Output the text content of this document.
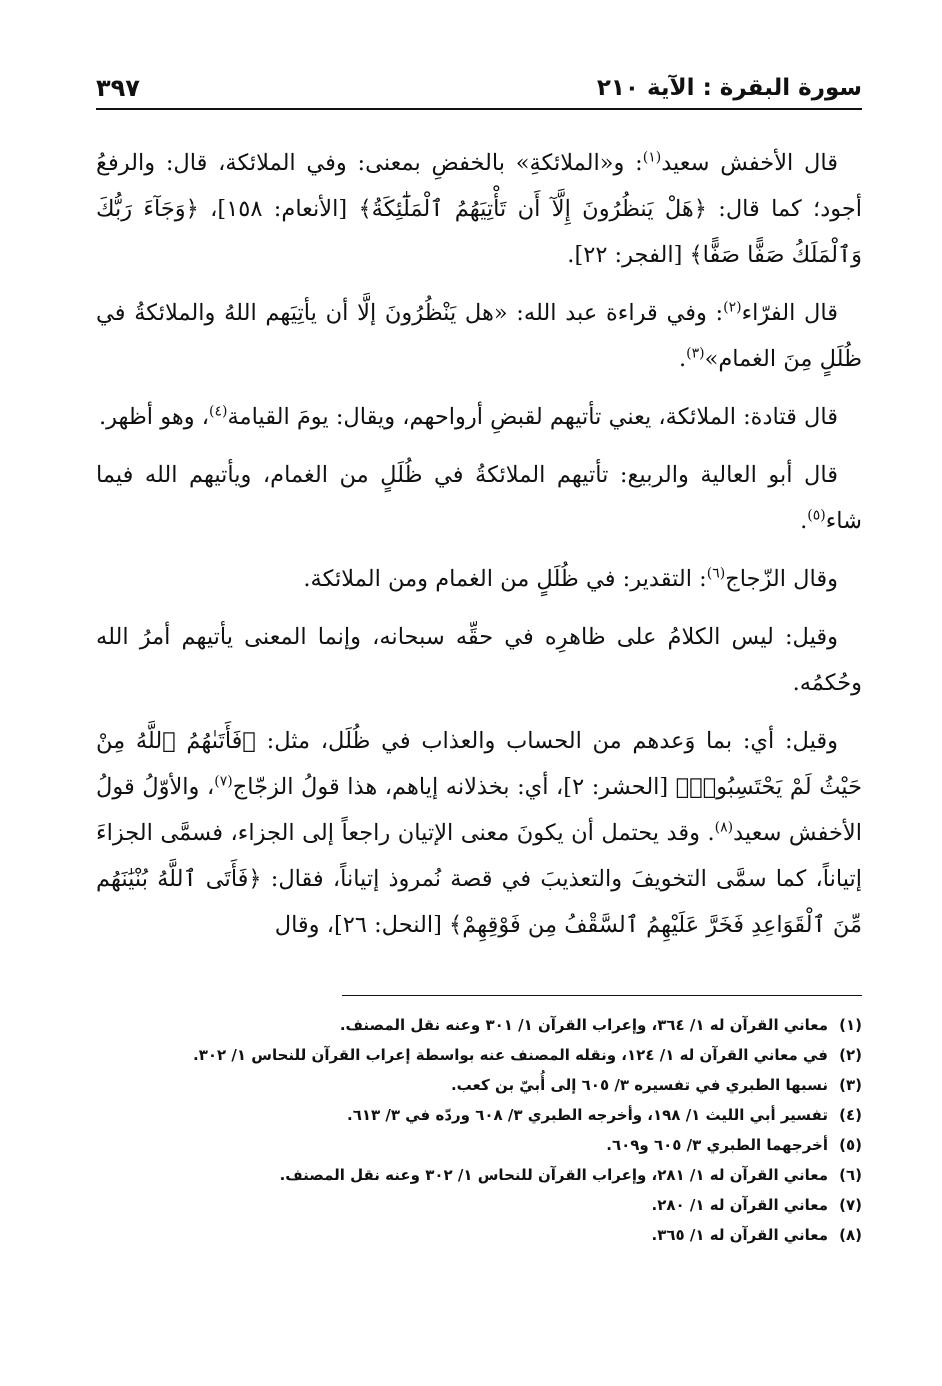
سورة البقرة : الآية ٢١٠
٣٩٧

قال الأخفش سعيد$^{(١)}$: و«الملائكةِ» بالخفضِ بمعنى: وفي الملائكة، قال: والرفعُ أجود؛ كما قال: ﴿هَلْ يَنظُرُونَ إِلَّآ أَن تَأْتِيَهُمُ ٱلْمَلَٰٓئِكَةُ﴾ [الأنعام: ١٥٨]، ﴿وَجَآءَ رَبُّكَ وَٱلْمَلَكُ صَفًّا صَفًّا﴾ [الفجر: ٢٢].

قال الفرّاء$^{(٢)}$: وفي قراءة عبد الله: «هل يَنْظُرُونَ إلَّا أن يأتِيَهم اللهُ والملائكةُ في ظُلَلٍ مِنَ الغمام»$^{(٣)}$.

قال قتادة: الملائكة، يعني تأتيهم لقبضِ أرواحهم، ويقال: يومَ القيامة$^{(٤)}$، وهو أظهر.

قال أبو العالية والربيع: تأتيهم الملائكةُ في ظُلَلٍ من الغمام، ويأتيهم الله فيما شاء$^{(٥)}$.

وقال الزّجاج$^{(٦)}$: التقدير: في ظُلَلٍ من الغمام ومن الملائكة.

وقيل: ليس الكلامُ على ظاهرِه في حقِّه سبحانه، وإنما المعنى يأتيهم أمرُ الله وحُكمُه.

وقيل: أي: بما وَعدهم من الحساب والعذاب في ظُلَل، مثل: ﴿فَأَتَىٰهُمُ ٱللَّهُ مِنْ حَيْثُ لَمْ يَحْتَسِبُوا۟﴾ [الحشر: ٢]، أي: بخذلانه إياهم، هذا قولُ الزجّاج$^{(٧)}$، والأوّلُ قولُ الأخفش سعيد$^{(٨)}$. وقد يحتمل أن يكونَ معنى الإتيان راجعاً إلى الجزاء، فسمَّى الجزاءَ إتياناً، كما سمَّى التخويفَ والتعذيبَ في قصة نُمروذ إتياناً، فقال: ﴿فَأَتَى ٱللَّهُ بُنْيَٰنَهُم مِّنَ ٱلْقَوَاعِدِ فَخَرَّ عَلَيْهِمُ ٱلسَّقْفُ مِن فَوْقِهِمْ﴾ [النحل: ٢٦]، وقال

(١)
معاني القرآن له ١/ ٣٦٤، وإعراب القرآن ١/ ٣٠١ وعنه نقل المصنف.
(٢)
في معاني القرآن له ١/ ١٢٤، ونقله المصنف عنه بواسطة إعراب القرآن للنحاس ١/ ٣٠٢.
(٣)
نسبها الطبري في تفسيره ٣/ ٦٠٥ إلى أُبيّ بن كعب.
(٤)
تفسير أبي الليث ١/ ١٩٨، وأخرجه الطبري ٣/ ٦٠٨ وردّه في ٣/ ٦١٣.
(٥)
أخرجهما الطبري ٣/ ٦٠٥ و٦٠٩.
(٦)
معاني القرآن له ١/ ٢٨١، وإعراب القرآن للنحاس ١/ ٣٠٢ وعنه نقل المصنف.
(٧)
معاني القرآن له ١/ ٢٨٠.
(٨)
معاني القرآن له ١/ ٣٦٥.
